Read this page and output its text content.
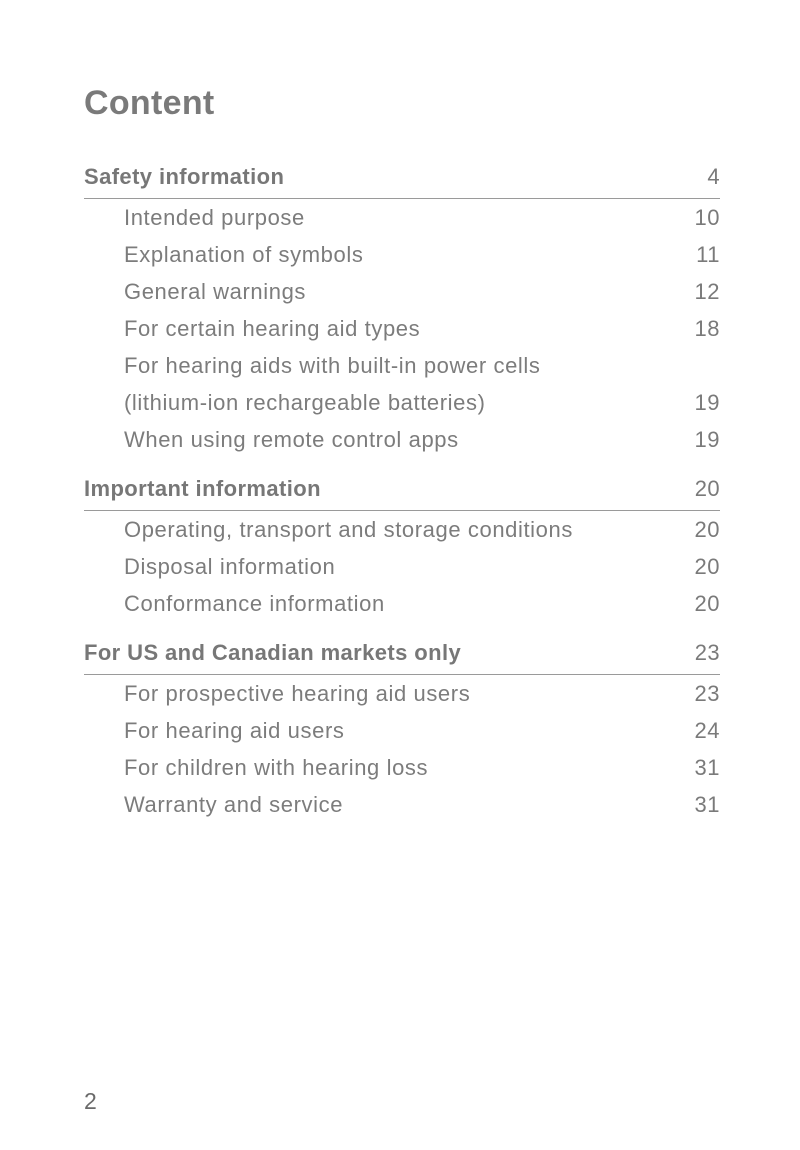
Content
Safety information	4
Intended purpose	10
Explanation of symbols	11
General warnings	12
For certain hearing aid types	18
For hearing aids with built-in power cells
(lithium-ion rechargeable batteries)	19
When using remote control apps	19
Important information	20
Operating, transport and storage conditions	20
Disposal information	20
Conformance information	20
For US and Canadian markets only	23
For prospective hearing aid users	23
For hearing aid users	24
For children with hearing loss	31
Warranty and service	31
2
